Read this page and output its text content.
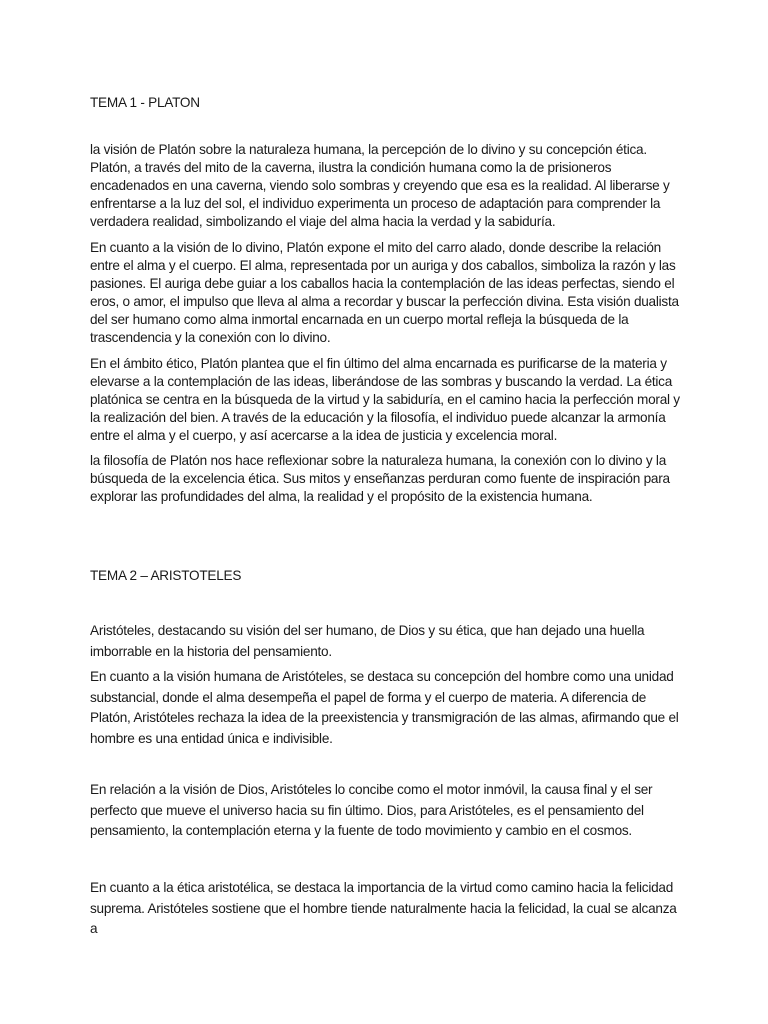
TEMA 1 - PLATON

la visión de Platón sobre la naturaleza humana, la percepción de lo divino y su concepción ética. Platón, a través del mito de la caverna, ilustra la condición humana como la de prisioneros encadenados en una caverna, viendo solo sombras y creyendo que esa es la realidad. Al liberarse y enfrentarse a la luz del sol, el individuo experimenta un proceso de adaptación para comprender la verdadera realidad, simbolizando el viaje del alma hacia la verdad y la sabiduría.

En cuanto a la visión de lo divino, Platón expone el mito del carro alado, donde describe la relación entre el alma y el cuerpo. El alma, representada por un auriga y dos caballos, simboliza la razón y las pasiones. El auriga debe guiar a los caballos hacia la contemplación de las ideas perfectas, siendo el eros, o amor, el impulso que lleva al alma a recordar y buscar la perfección divina. Esta visión dualista del ser humano como alma inmortal encarnada en un cuerpo mortal refleja la búsqueda de la trascendencia y la conexión con lo divino.

En el ámbito ético, Platón plantea que el fin último del alma encarnada es purificarse de la materia y elevarse a la contemplación de las ideas, liberándose de las sombras y buscando la verdad. La ética platónica se centra en la búsqueda de la virtud y la sabiduría, en el camino hacia la perfección moral y la realización del bien. A través de la educación y la filosofía, el individuo puede alcanzar la armonía entre el alma y el cuerpo, y así acercarse a la idea de justicia y excelencia moral.

la filosofía de Platón nos hace reflexionar sobre la naturaleza humana, la conexión con lo divino y la búsqueda de la excelencia ética. Sus mitos y enseñanzas perduran como fuente de inspiración para explorar las profundidades del alma, la realidad y el propósito de la existencia humana.

TEMA 2 – ARISTOTELES

Aristóteles, destacando su visión del ser humano, de Dios y su ética, que han dejado una huella imborrable en la historia del pensamiento.

En cuanto a la visión humana de Aristóteles, se destaca su concepción del hombre como una unidad substancial, donde el alma desempeña el papel de forma y el cuerpo de materia. A diferencia de Platón, Aristóteles rechaza la idea de la preexistencia y transmigración de las almas, afirmando que el hombre es una entidad única e indivisible.

En relación a la visión de Dios, Aristóteles lo concibe como el motor inmóvil, la causa final y el ser perfecto que mueve el universo hacia su fin último. Dios, para Aristóteles, es el pensamiento del pensamiento, la contemplación eterna y la fuente de todo movimiento y cambio en el cosmos.

En cuanto a la ética aristotélica, se destaca la importancia de la virtud como camino hacia la felicidad suprema. Aristóteles sostiene que el hombre tiende naturalmente hacia la felicidad, la cual se alcanza a
